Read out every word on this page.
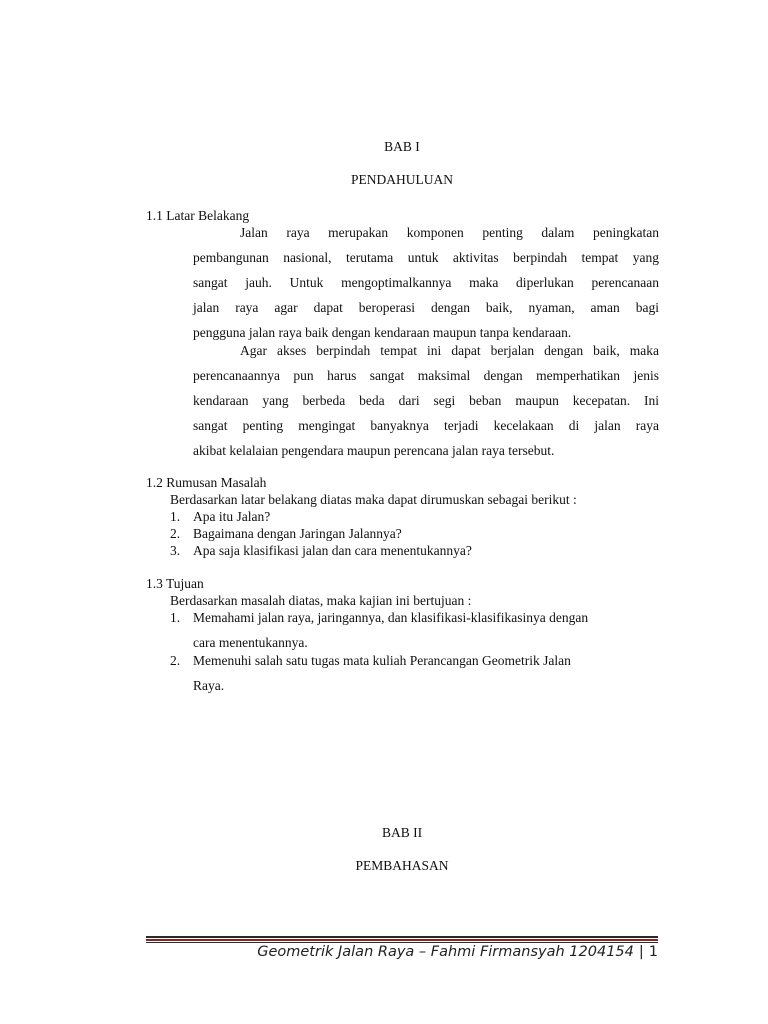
BAB I
PENDAHULUAN
1.1 Latar Belakang
Jalan raya merupakan komponen penting dalam peningkatan
pembangunan nasional, terutama untuk aktivitas berpindah tempat yang
sangat jauh. Untuk mengoptimalkannya maka diperlukan perencanaan
jalan raya agar dapat beroperasi dengan baik, nyaman, aman bagi
pengguna jalan raya baik dengan kendaraan maupun tanpa kendaraan.
Agar akses berpindah tempat ini dapat berjalan dengan baik, maka
perencanaannya pun harus sangat maksimal dengan memperhatikan jenis
kendaraan yang berbeda beda dari segi beban maupun kecepatan. Ini
sangat penting mengingat banyaknya terjadi kecelakaan di jalan raya
akibat kelalaian pengendara maupun perencana jalan raya tersebut.
1.2 Rumusan Masalah
Berdasarkan latar belakang diatas maka dapat dirumuskan sebagai berikut :
1. Apa itu Jalan?
2. Bagaimana dengan Jaringan Jalannya?
3. Apa saja klasifikasi jalan dan cara menentukannya?
1.3 Tujuan
Berdasarkan masalah diatas, maka kajian ini bertujuan :
1. Memahami jalan raya, jaringannya, dan klasifikasi-klasifikasinya dengan
cara menentukannya.
2. Memenuhi salah satu tugas mata kuliah Perancangan Geometrik Jalan
Raya.
BAB II
PEMBAHASAN
Geometrik Jalan Raya – Fahmi Firmansyah 1204154 | 1
